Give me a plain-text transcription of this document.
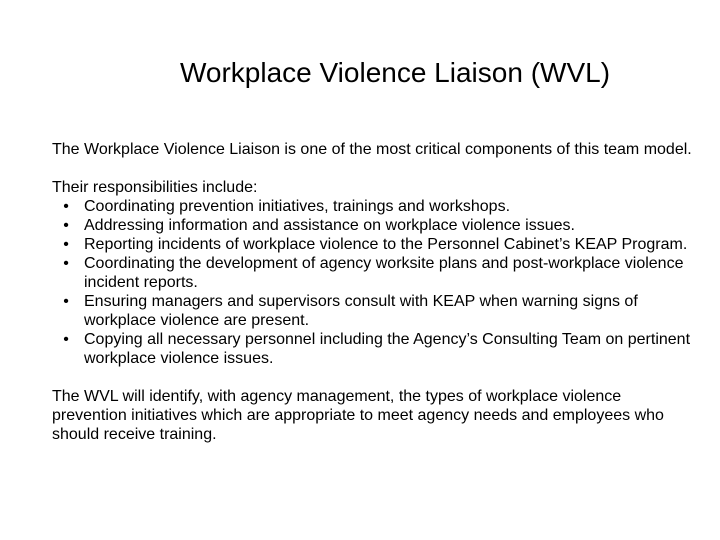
Workplace Violence Liaison (WVL)

The Workplace Violence Liaison is one of the most critical components of this team model.

Their responsibilities include:

• Coordinating prevention initiatives, trainings and workshops.
• Addressing information and assistance on workplace violence issues.
• Reporting incidents of workplace violence to the Personnel Cabinet’s KEAP Program.
• Coordinating the development of agency worksite plans and post-workplace violence incident reports.
• Ensuring managers and supervisors consult with KEAP when warning signs of workplace violence are present.
• Copying all necessary personnel including the Agency’s Consulting Team on pertinent workplace violence issues.

The WVL will identify, with agency management, the types of workplace violence prevention initiatives which are appropriate to meet agency needs and employees who should receive training.
